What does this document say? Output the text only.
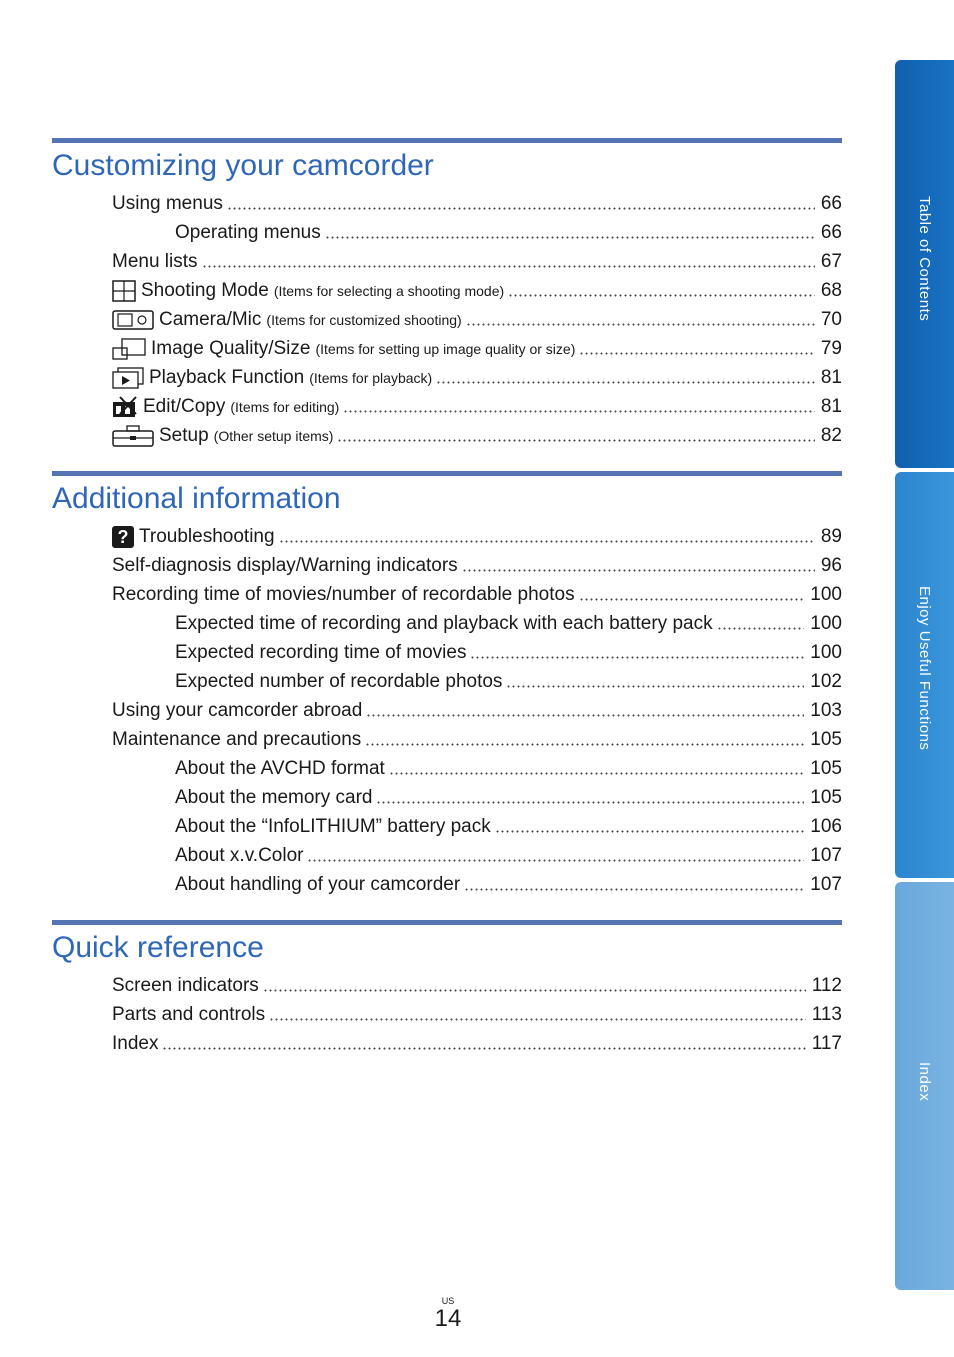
Customizing your camcorder
Using menus	66
Operating menus	66
Menu lists	67
Shooting Mode (Items for selecting a shooting mode)	68
Camera/Mic (Items for customized shooting)	70
Image Quality/Size (Items for setting up image quality or size)	79
Playback Function (Items for playback)	81
Edit/Copy (Items for editing)	81
Setup (Other setup items)	82
Additional information
? Troubleshooting	89
Self-diagnosis display/Warning indicators	96
Recording time of movies/number of recordable photos	100
Expected time of recording and playback with each battery pack	100
Expected recording time of movies	100
Expected number of recordable photos	102
Using your camcorder abroad	103
Maintenance and precautions	105
About the AVCHD format	105
About the memory card	105
About the “InfoLITHIUM” battery pack	106
About x.v.Color	107
About handling of your camcorder	107
Quick reference
Screen indicators	112
Parts and controls	113
Index	117
Table of Contents
Enjoy Useful Functions
Index
US
14
